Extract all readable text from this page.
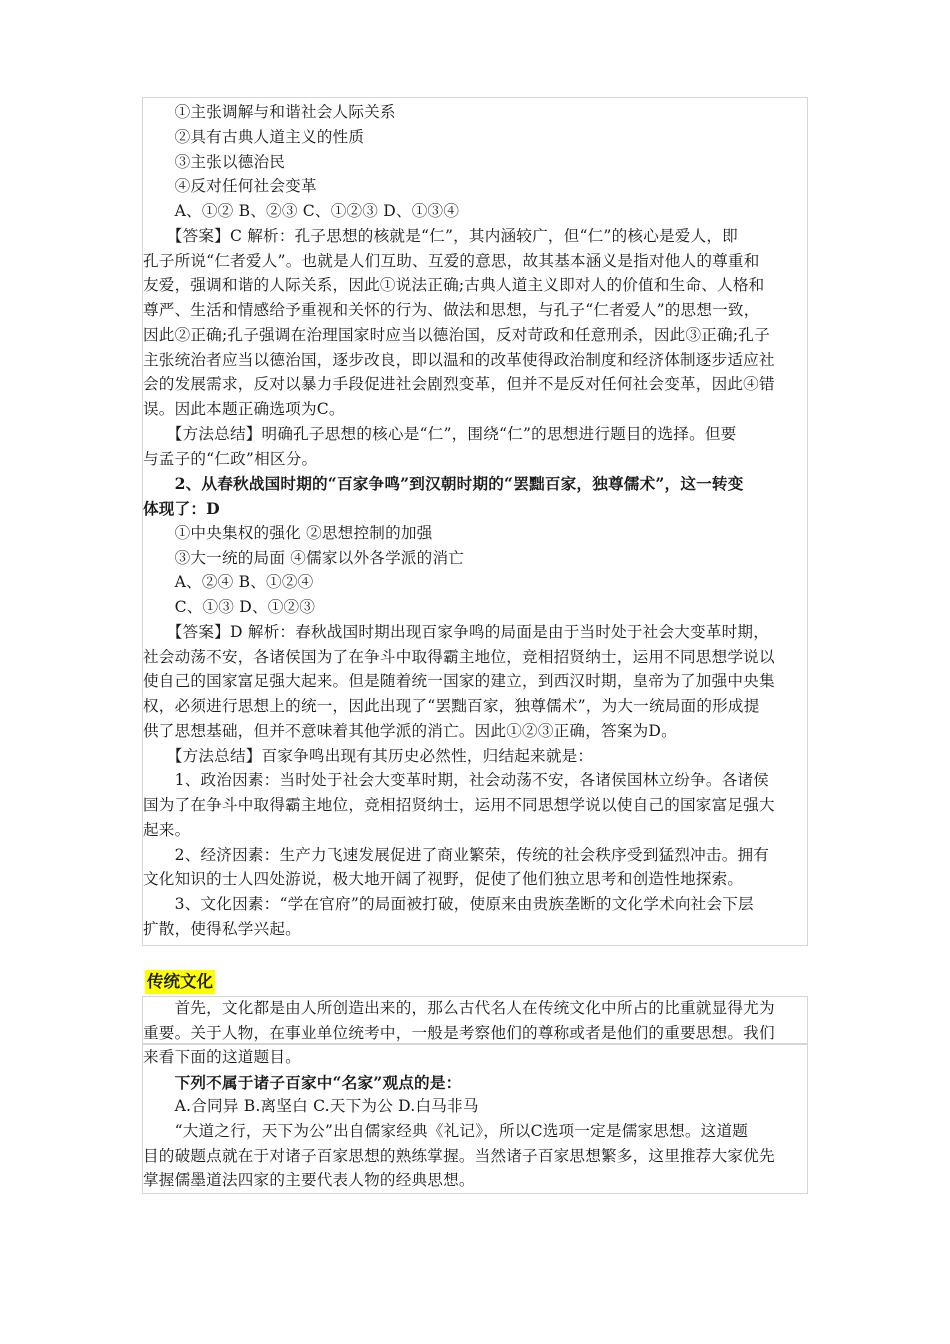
　　①主张调解与和谐社会人际关系
　　②具有古典人道主义的性质
　　③主张以德治民
　　④反对任何社会变革
　　A、①② B、②③ C、①②③ D、①③④
　　【答案】C 解析：孔子思想的核就是“仁”，其内涵较广，但“仁”的核心是爱人，即
孔子所说“仁者爱人”。也就是人们互助、互爱的意思，故其基本涵义是指对他人的尊重和
友爱，强调和谐的人际关系，因此①说法正确;古典人道主义即对人的价值和生命、人格和
尊严、生活和情感给予重视和关怀的行为、做法和思想，与孔子“仁者爱人”的思想一致，
因此②正确;孔子强调在治理国家时应当以德治国，反对苛政和任意刑杀，因此③正确;孔子
主张统治者应当以德治国，逐步改良，即以温和的改革使得政治制度和经济体制逐步适应社
会的发展需求，反对以暴力手段促进社会剧烈变革，但并不是反对任何社会变革，因此④错
误。因此本题正确选项为C。
　　【方法总结】明确孔子思想的核心是“仁”，围绕“仁”的思想进行题目的选择。但要
与孟子的“仁政”相区分。
　　2、从春秋战国时期的“百家争鸣”到汉朝时期的“罢黜百家，独尊儒术”，这一转变
体现了：D
　　①中央集权的强化 ②思想控制的加强
　　③大一统的局面 ④儒家以外各学派的消亡
　　A、②④ B、①②④
　　C、①③ D、①②③
　　【答案】D 解析：春秋战国时期出现百家争鸣的局面是由于当时处于社会大变革时期，
社会动荡不安，各诸侯国为了在争斗中取得霸主地位，竞相招贤纳士，运用不同思想学说以
使自己的国家富足强大起来。但是随着统一国家的建立，到西汉时期，皇帝为了加强中央集
权，必须进行思想上的统一，因此出现了“罢黜百家，独尊儒术”，为大一统局面的形成提
供了思想基础，但并不意味着其他学派的消亡。因此①②③正确，答案为D。
　　【方法总结】百家争鸣出现有其历史必然性，归结起来就是：
　　1、政治因素：当时处于社会大变革时期，社会动荡不安，各诸侯国林立纷争。各诸侯
国为了在争斗中取得霸主地位，竞相招贤纳士，运用不同思想学说以使自己的国家富足强大
起来。
　　2、经济因素：生产力飞速发展促进了商业繁荣，传统的社会秩序受到猛烈冲击。拥有
文化知识的士人四处游说，极大地开阔了视野，促使了他们独立思考和创造性地探索。
　　3、文化因素：“学在官府”的局面被打破，使原来由贵族垄断的文化学术向社会下层
扩散，使得私学兴起。
传统文化
　　首先，文化都是由人所创造出来的，那么古代名人在传统文化中所占的比重就显得尤为
重要。关于人物，在事业单位统考中，一般是考察他们的尊称或者是他们的重要思想。我们
来看下面的这道题目。
　　下列不属于诸子百家中“名家”观点的是：
　　A.合同异 B.离坚白 C.天下为公 D.白马非马
　　“大道之行，天下为公”出自儒家经典《礼记》，所以C选项一定是儒家思想。这道题
目的破题点就在于对诸子百家思想的熟练掌握。当然诸子百家思想繁多，这里推荐大家优先
掌握儒墨道法四家的主要代表人物的经典思想。
